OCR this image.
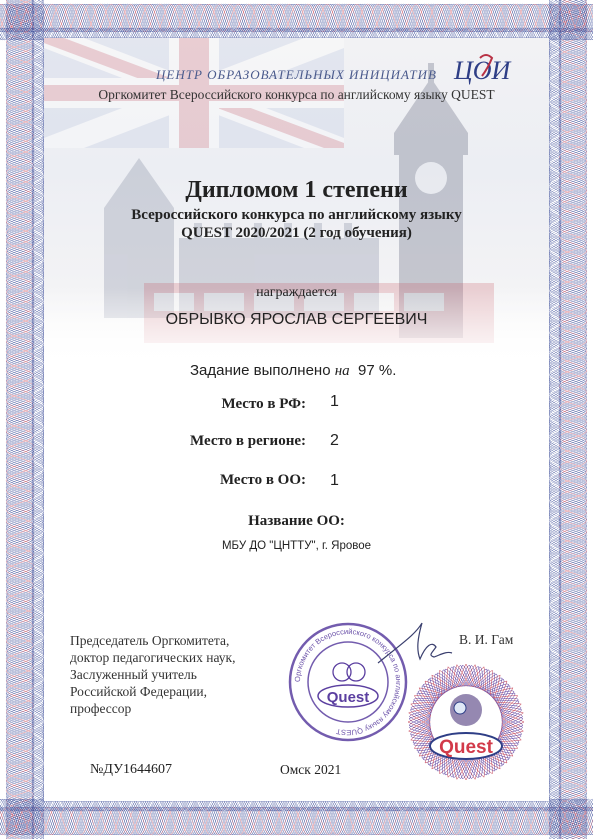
ЦЕНТР ОБРАЗОВАТЕЛЬНЫХ ИНИЦИАТИВ
Оргкомитет Всероссийского конкурса по английскому языку QUEST
ЦОИ
Дипломом 1 степени
Всероссийского конкурса по английскому языку
QUEST 2020/2021 (2 год обучения)
награждается
ОБРЫВКО ЯРОСЛАВ СЕРГЕЕВИЧ
Задание выполнено на 97 %.
Место в РФ: 1
Место в регионе: 2
Место в ОО: 1
Название ОО:
МБУ ДО "ЦНТТУ", г. Яровое
Председатель Оргкомитета,
доктор педагогических наук,
Заслуженный учитель
Российской Федерации,
профессор
В. И. Гам
Оргкомитет Всероссийского конкурса по английскому языку QUEST
Quest
Quest
№ДУ1644607	Омск 2021
